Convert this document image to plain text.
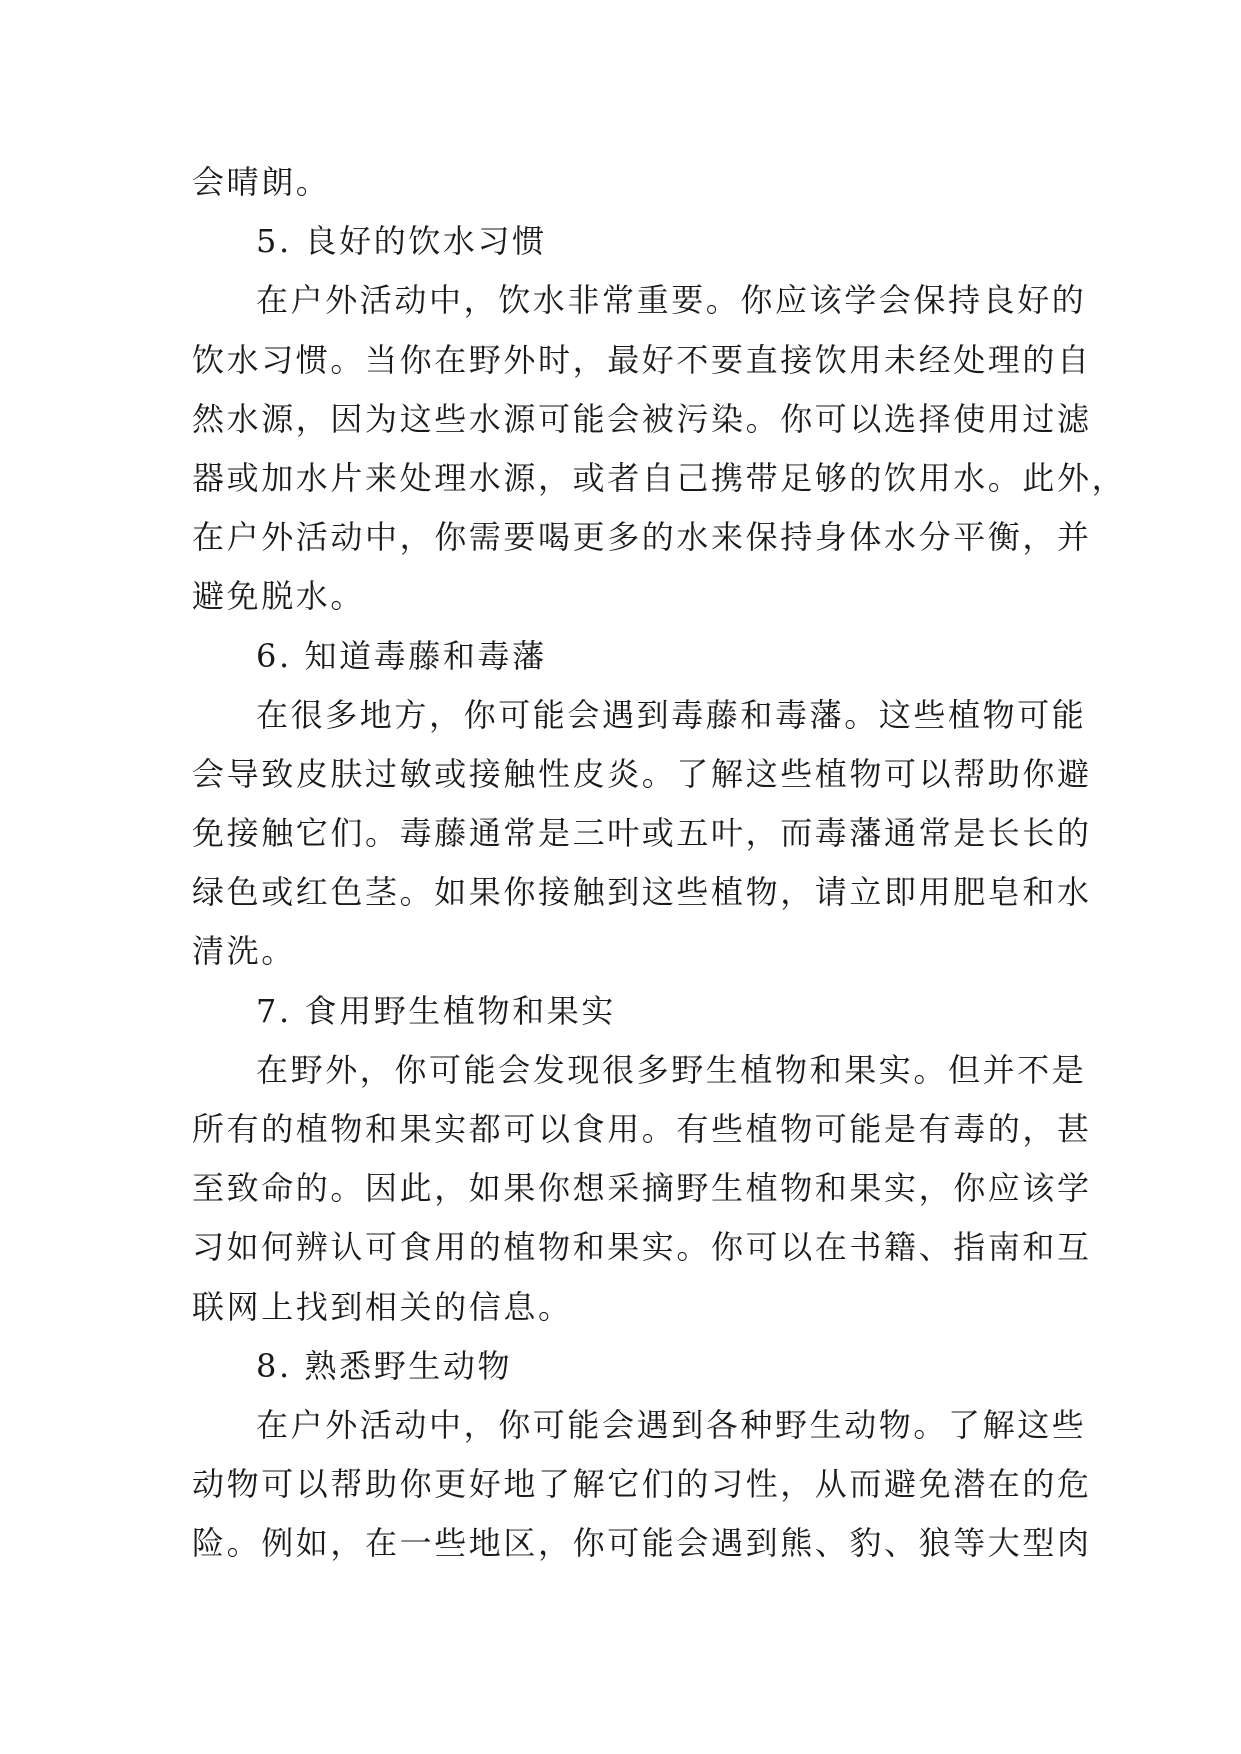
会晴朗。
5. 良好的饮水习惯
在户外活动中，饮水非常重要。你应该学会保持良好的
饮水习惯。当你在野外时，最好不要直接饮用未经处理的自
然水源，因为这些水源可能会被污染。你可以选择使用过滤
器或加水片来处理水源，或者自己携带足够的饮用水。此外，
在户外活动中，你需要喝更多的水来保持身体水分平衡，并
避免脱水。
6. 知道毒藤和毒藩
在很多地方，你可能会遇到毒藤和毒藩。这些植物可能
会导致皮肤过敏或接触性皮炎。了解这些植物可以帮助你避
免接触它们。毒藤通常是三叶或五叶，而毒藩通常是长长的
绿色或红色茎。如果你接触到这些植物，请立即用肥皂和水
清洗。
7. 食用野生植物和果实
在野外，你可能会发现很多野生植物和果实。但并不是
所有的植物和果实都可以食用。有些植物可能是有毒的，甚
至致命的。因此，如果你想采摘野生植物和果实，你应该学
习如何辨认可食用的植物和果实。你可以在书籍、指南和互
联网上找到相关的信息。
8. 熟悉野生动物
在户外活动中，你可能会遇到各种野生动物。了解这些
动物可以帮助你更好地了解它们的习性，从而避免潜在的危
险。例如，在一些地区，你可能会遇到熊、豹、狼等大型肉
